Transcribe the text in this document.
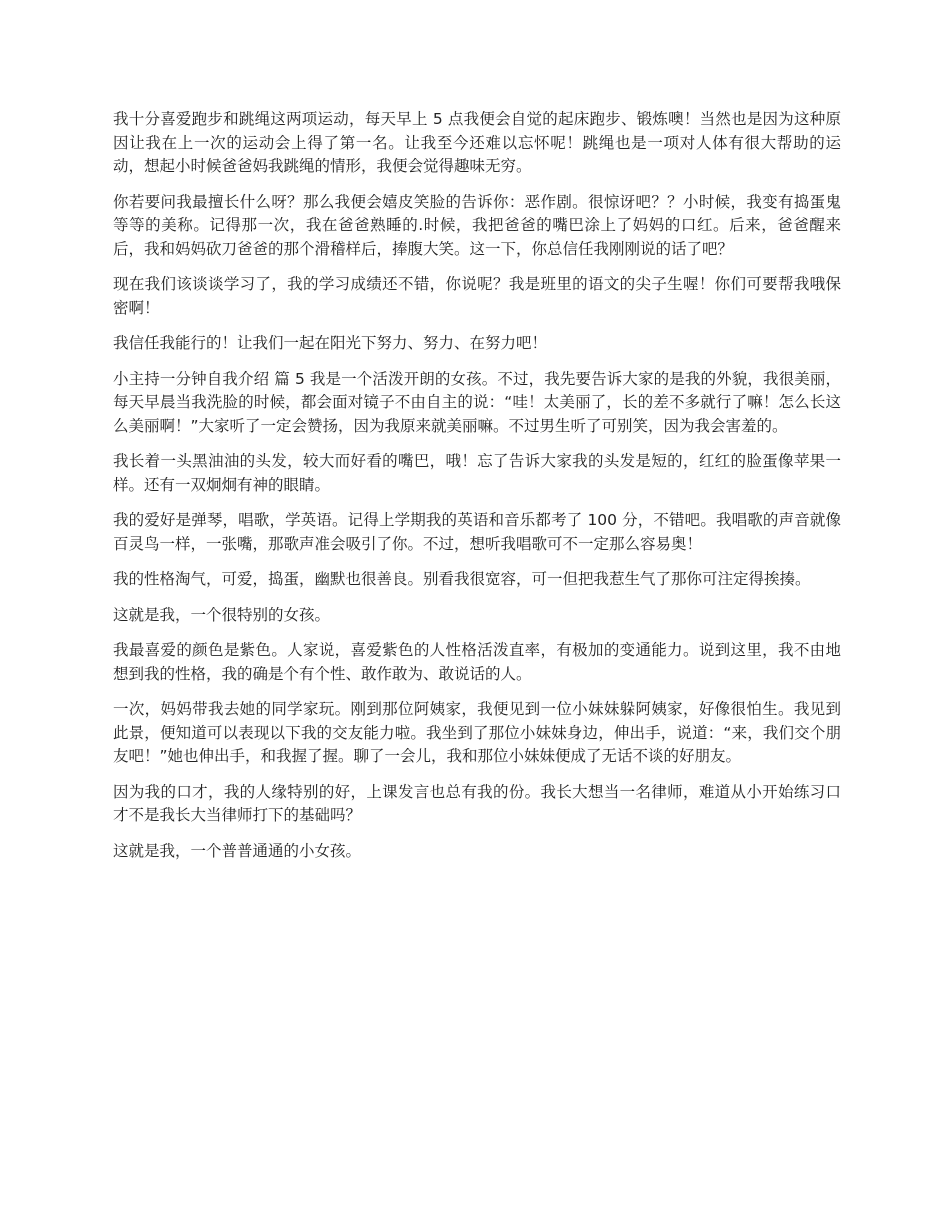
我十分喜爱跑步和跳绳这两项运动，每天早上 5 点我便会自觉的起床跑步、锻炼噢！当然也是因为这种原因让我在上一次的运动会上得了第一名。让我至今还难以忘怀呢！跳绳也是一项对人体有很大帮助的运动，想起小时候爸爸妈我跳绳的情形，我便会觉得趣味无穷。

你若要问我最擅长什么呀？那么我便会嬉皮笑脸的告诉你：恶作剧。很惊讶吧？？小时候，我变有捣蛋鬼等等的美称。记得那一次，我在爸爸熟睡的.时候，我把爸爸的嘴巴涂上了妈妈的口红。后来，爸爸醒来后，我和妈妈砍刀爸爸的那个滑稽样后，捧腹大笑。这一下，你总信任我刚刚说的话了吧？

现在我们该谈谈学习了，我的学习成绩还不错，你说呢？我是班里的语文的尖子生喔！你们可要帮我哦保密啊！

我信任我能行的！让我们一起在阳光下努力、努力、在努力吧！

小主持一分钟自我介绍 篇 5 我是一个活泼开朗的女孩。不过，我先要告诉大家的是我的外貌，我很美丽，每天早晨当我洗脸的时候，都会面对镜子不由自主的说：“哇！太美丽了，长的差不多就行了嘛！怎么长这么美丽啊！”大家听了一定会赞扬，因为我原来就美丽嘛。不过男生听了可别笑，因为我会害羞的。

我长着一头黑油油的头发，较大而好看的嘴巴，哦！忘了告诉大家我的头发是短的，红红的脸蛋像苹果一样。还有一双炯炯有神的眼睛。

我的爱好是弹琴，唱歌，学英语。记得上学期我的英语和音乐都考了 100 分，不错吧。我唱歌的声音就像百灵鸟一样，一张嘴，那歌声准会吸引了你。不过，想听我唱歌可不一定那么容易奥！

我的性格淘气，可爱，捣蛋，幽默也很善良。别看我很宽容，可一但把我惹生气了那你可注定得挨揍。

这就是我，一个很特别的女孩。

我最喜爱的颜色是紫色。人家说，喜爱紫色的人性格活泼直率，有极加的变通能力。说到这里，我不由地想到我的性格，我的确是个有个性、敢作敢为、敢说话的人。

一次，妈妈带我去她的同学家玩。刚到那位阿姨家，我便见到一位小妹妹躲阿姨家，好像很怕生。我见到此景，便知道可以表现以下我的交友能力啦。我坐到了那位小妹妹身边，伸出手，说道：“来，我们交个朋友吧！”她也伸出手，和我握了握。聊了一会儿，我和那位小妹妹便成了无话不谈的好朋友。

因为我的口才，我的人缘特别的好，上课发言也总有我的份。我长大想当一名律师，难道从小开始练习口才不是我长大当律师打下的基础吗？

这就是我，一个普普通通的小女孩。
